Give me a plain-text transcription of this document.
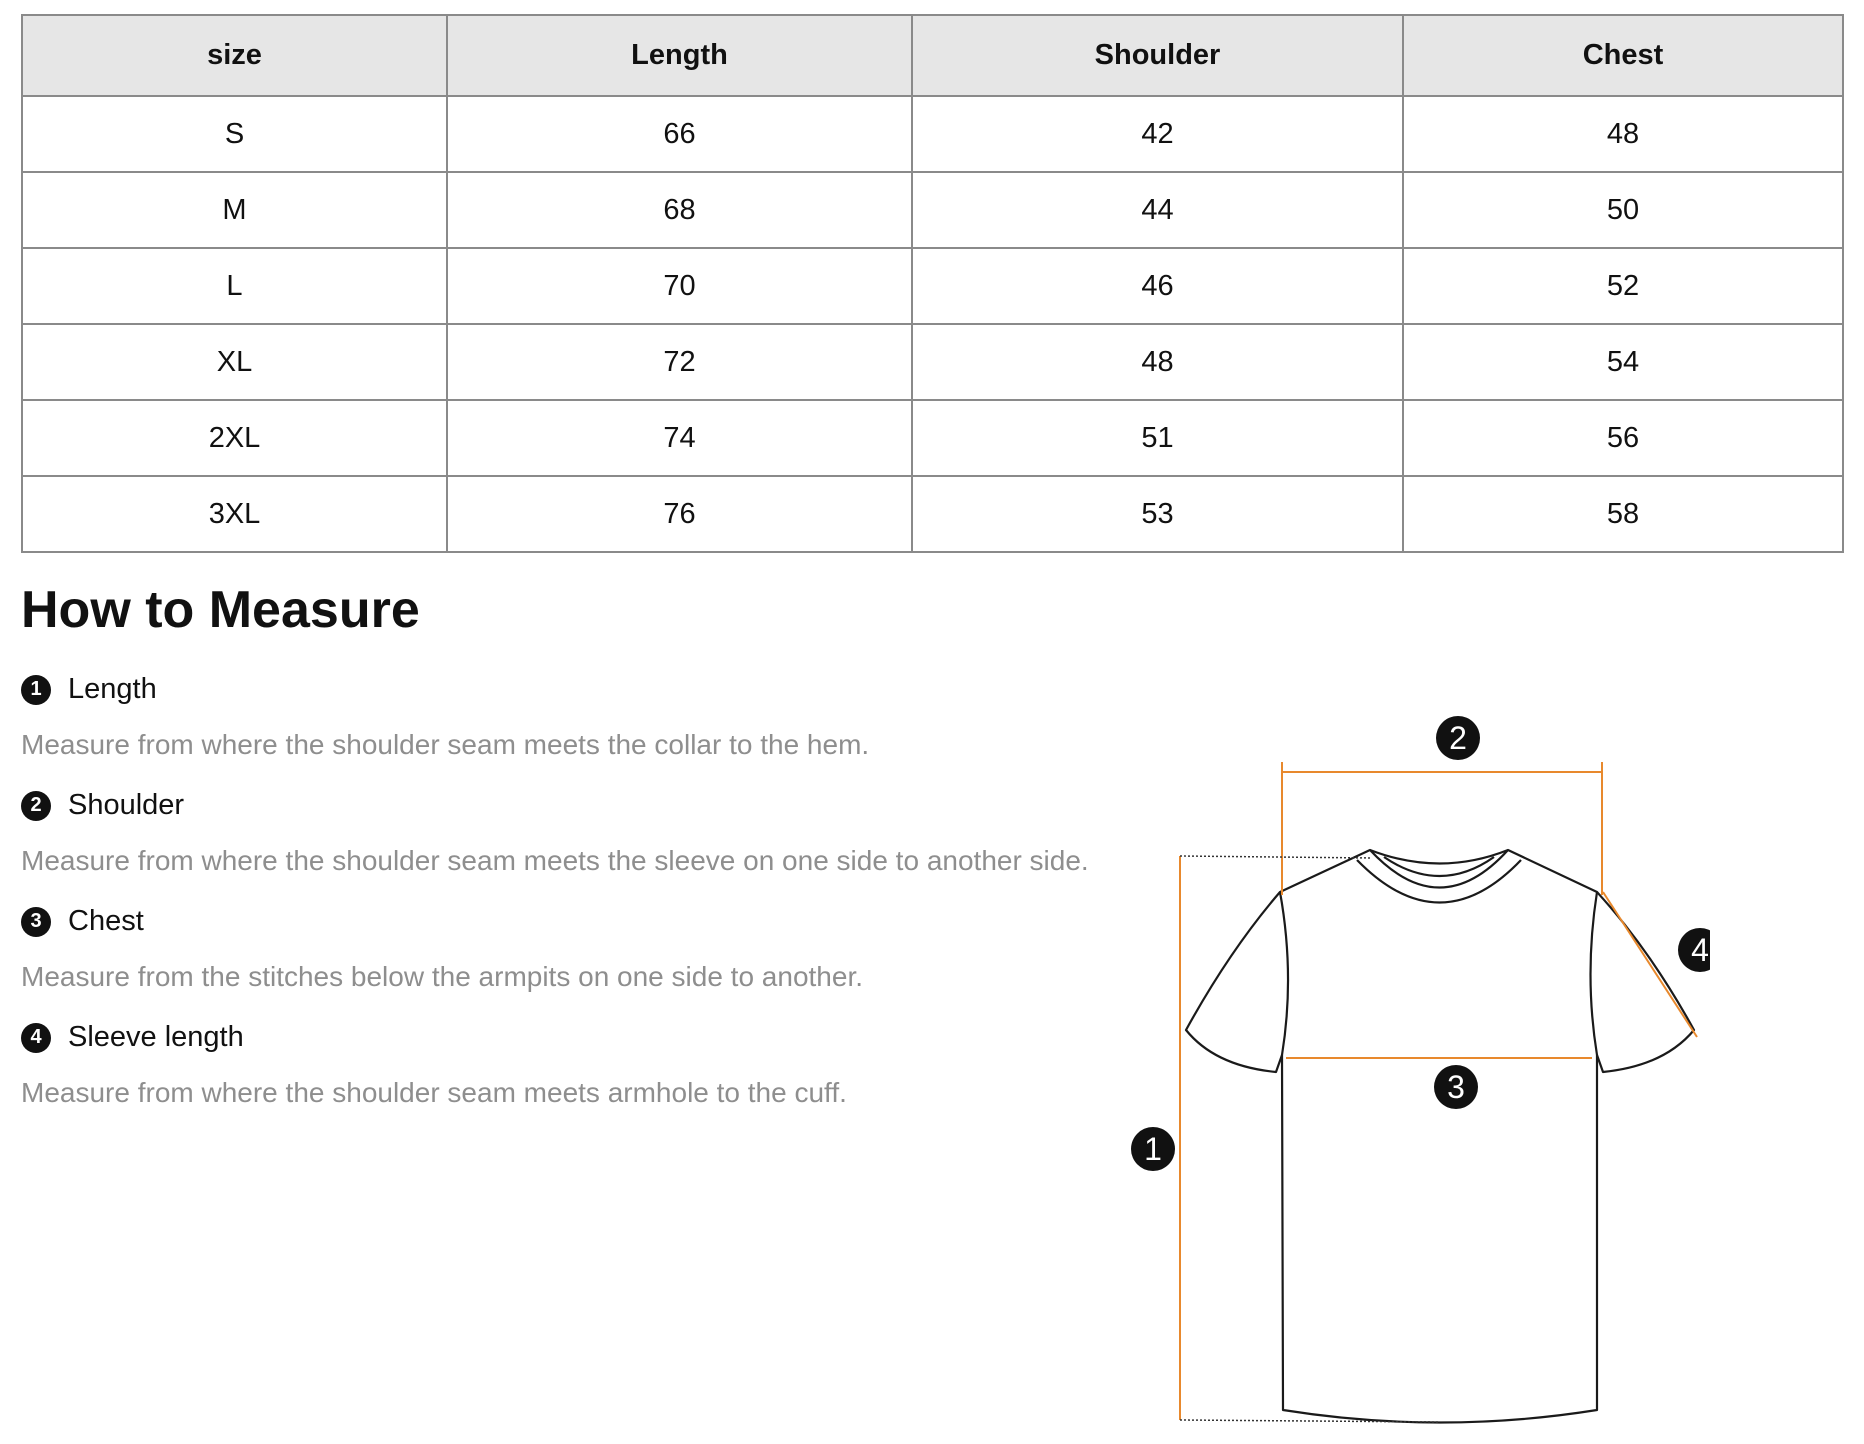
size	Length	Shoulder	Chest
S	66	42	48
M	68	44	50
L	70	46	52
XL	72	48	54
2XL	74	51	56
3XL	76	53	58
How to Measure
1 Length

Measure from where the shoulder seam meets the collar to the hem.

2 Shoulder

Measure from where the shoulder seam meets the sleeve on one side to another side.

3 Chest

Measure from the stitches below the armpits on one side to another.

4 Sleeve length

Measure from where the shoulder seam meets armhole to the cuff.

1
2
3
4
